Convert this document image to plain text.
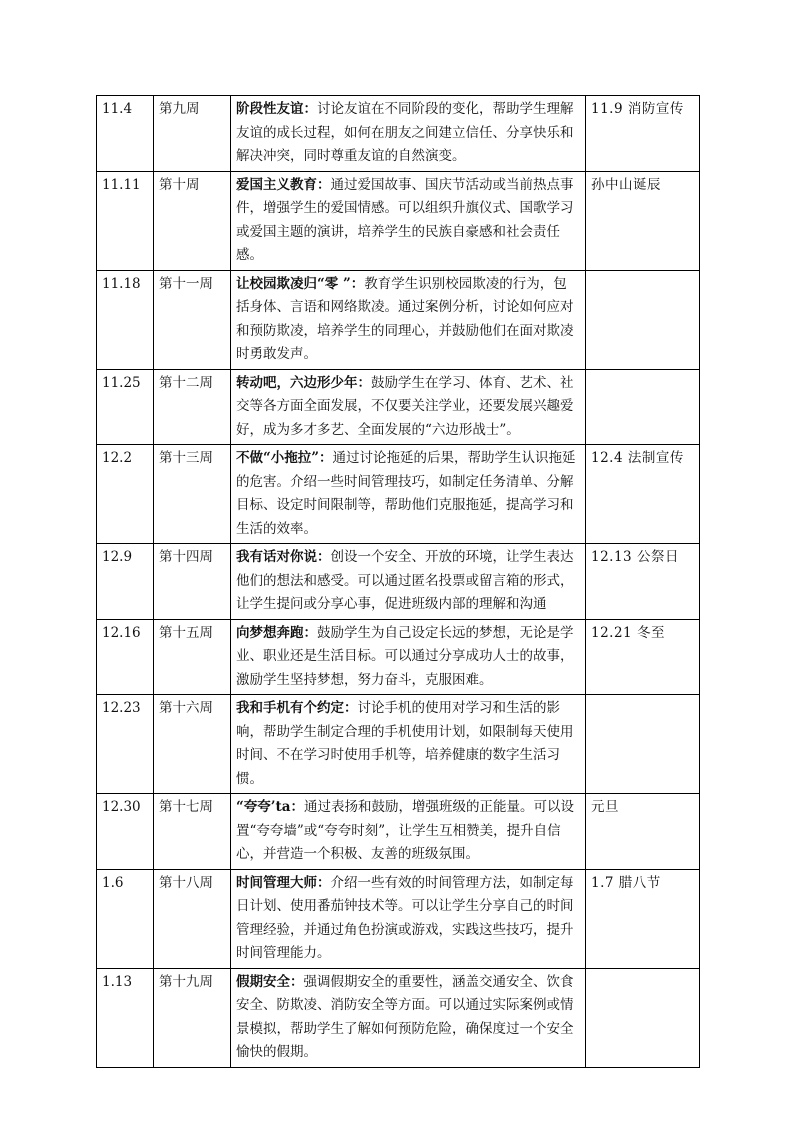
11.4	第九周	阶段性友谊：讨论友谊在不同阶段的变化，帮助学生理解友谊的成长过程，如何在朋友之间建立信任、分享快乐和解决冲突，同时尊重友谊的自然演变。	11.9 消防宣传
11.11	第十周	爱国主义教育：通过爱国故事、国庆节活动或当前热点事件，增强学生的爱国情感。可以组织升旗仪式、国歌学习或爱国主题的演讲，培养学生的民族自豪感和社会责任感。	孙中山诞辰
11.18	第十一周	让校园欺凌归“零 ”：教育学生识别校园欺凌的行为，包括身体、言语和网络欺凌。通过案例分析，讨论如何应对和预防欺凌，培养学生的同理心，并鼓励他们在面对欺凌时勇敢发声。	
11.25	第十二周	转动吧，六边形少年：鼓励学生在学习、体育、艺术、社交等各方面全面发展，不仅要关注学业，还要发展兴趣爱好，成为多才多艺、全面发展的“六边形战士”。	
12.2	第十三周	不做“小拖拉”：通过讨论拖延的后果，帮助学生认识拖延的危害。介绍一些时间管理技巧，如制定任务清单、分解目标、设定时间限制等，帮助他们克服拖延，提高学习和生活的效率。	12.4 法制宣传
12.9	第十四周	我有话对你说：创设一个安全、开放的环境，让学生表达他们的想法和感受。可以通过匿名投票或留言箱的形式，让学生提问或分享心事，促进班级内部的理解和沟通	12.13 公祭日
12.16	第十五周	向梦想奔跑：鼓励学生为自己设定长远的梦想，无论是学业、职业还是生活目标。可以通过分享成功人士的故事，激励学生坚持梦想，努力奋斗，克服困难。	12.21 冬至
12.23	第十六周	我和手机有个约定：讨论手机的使用对学习和生活的影响，帮助学生制定合理的手机使用计划，如限制每天使用时间、不在学习时使用手机等，培养健康的数字生活习惯。	
12.30	第十七周	“夸夸’ta：通过表扬和鼓励，增强班级的正能量。可以设置“夸夸墙”或“夸夸时刻”，让学生互相赞美，提升自信心，并营造一个积极、友善的班级氛围。	元旦
1.6	第十八周	时间管理大师：介绍一些有效的时间管理方法，如制定每日计划、使用番茄钟技术等。可以让学生分享自己的时间管理经验，并通过角色扮演或游戏，实践这些技巧，提升时间管理能力。	1.7 腊八节
1.13	第十九周	假期安全：强调假期安全的重要性，涵盖交通安全、饮食安全、防欺凌、消防安全等方面。可以通过实际案例或情景模拟，帮助学生了解如何预防危险，确保度过一个安全愉快的假期。	
